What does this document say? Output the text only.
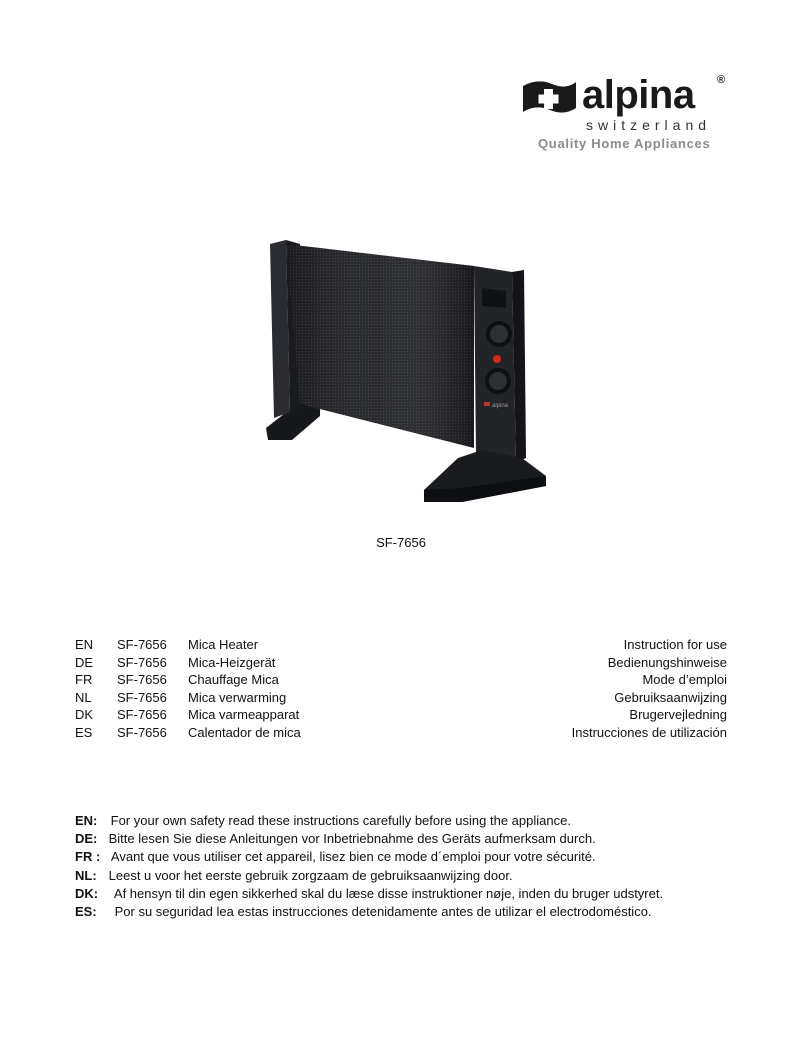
alpina ®
switzerland
Quality Home Appliances
alpina
SF-7656
EN SF-7656 Mica Heater	Instruction for use
DE SF-7656 Mica-Heizgerät	Bedienungshinweise
FR SF-7656 Chauffage Mica	Mode d’emploi
NL SF-7656 Mica verwarming	Gebruiksaanwijzing
DK SF-7656 Mica varmeapparat	Brugervejledning
ES SF-7656 Calentador de mica	Instrucciones de utilización
EN: For your own safety read these instructions carefully before using the appliance.
DE: Bitte lesen Sie diese Anleitungen vor Inbetriebnahme des Geräts aufmerksam durch.
FR : Avant que vous utiliser cet appareil, lisez bien ce mode d´emploi pour votre sécurité.
NL: Leest u voor het eerste gebruik zorgzaam de gebruiksaanwijzing door.
DK: Af hensyn til din egen sikkerhed skal du læse disse instruktioner nøje, inden du bruger udstyret.
ES: Por su seguridad lea estas instrucciones detenidamente antes de utilizar el electrodoméstico.
